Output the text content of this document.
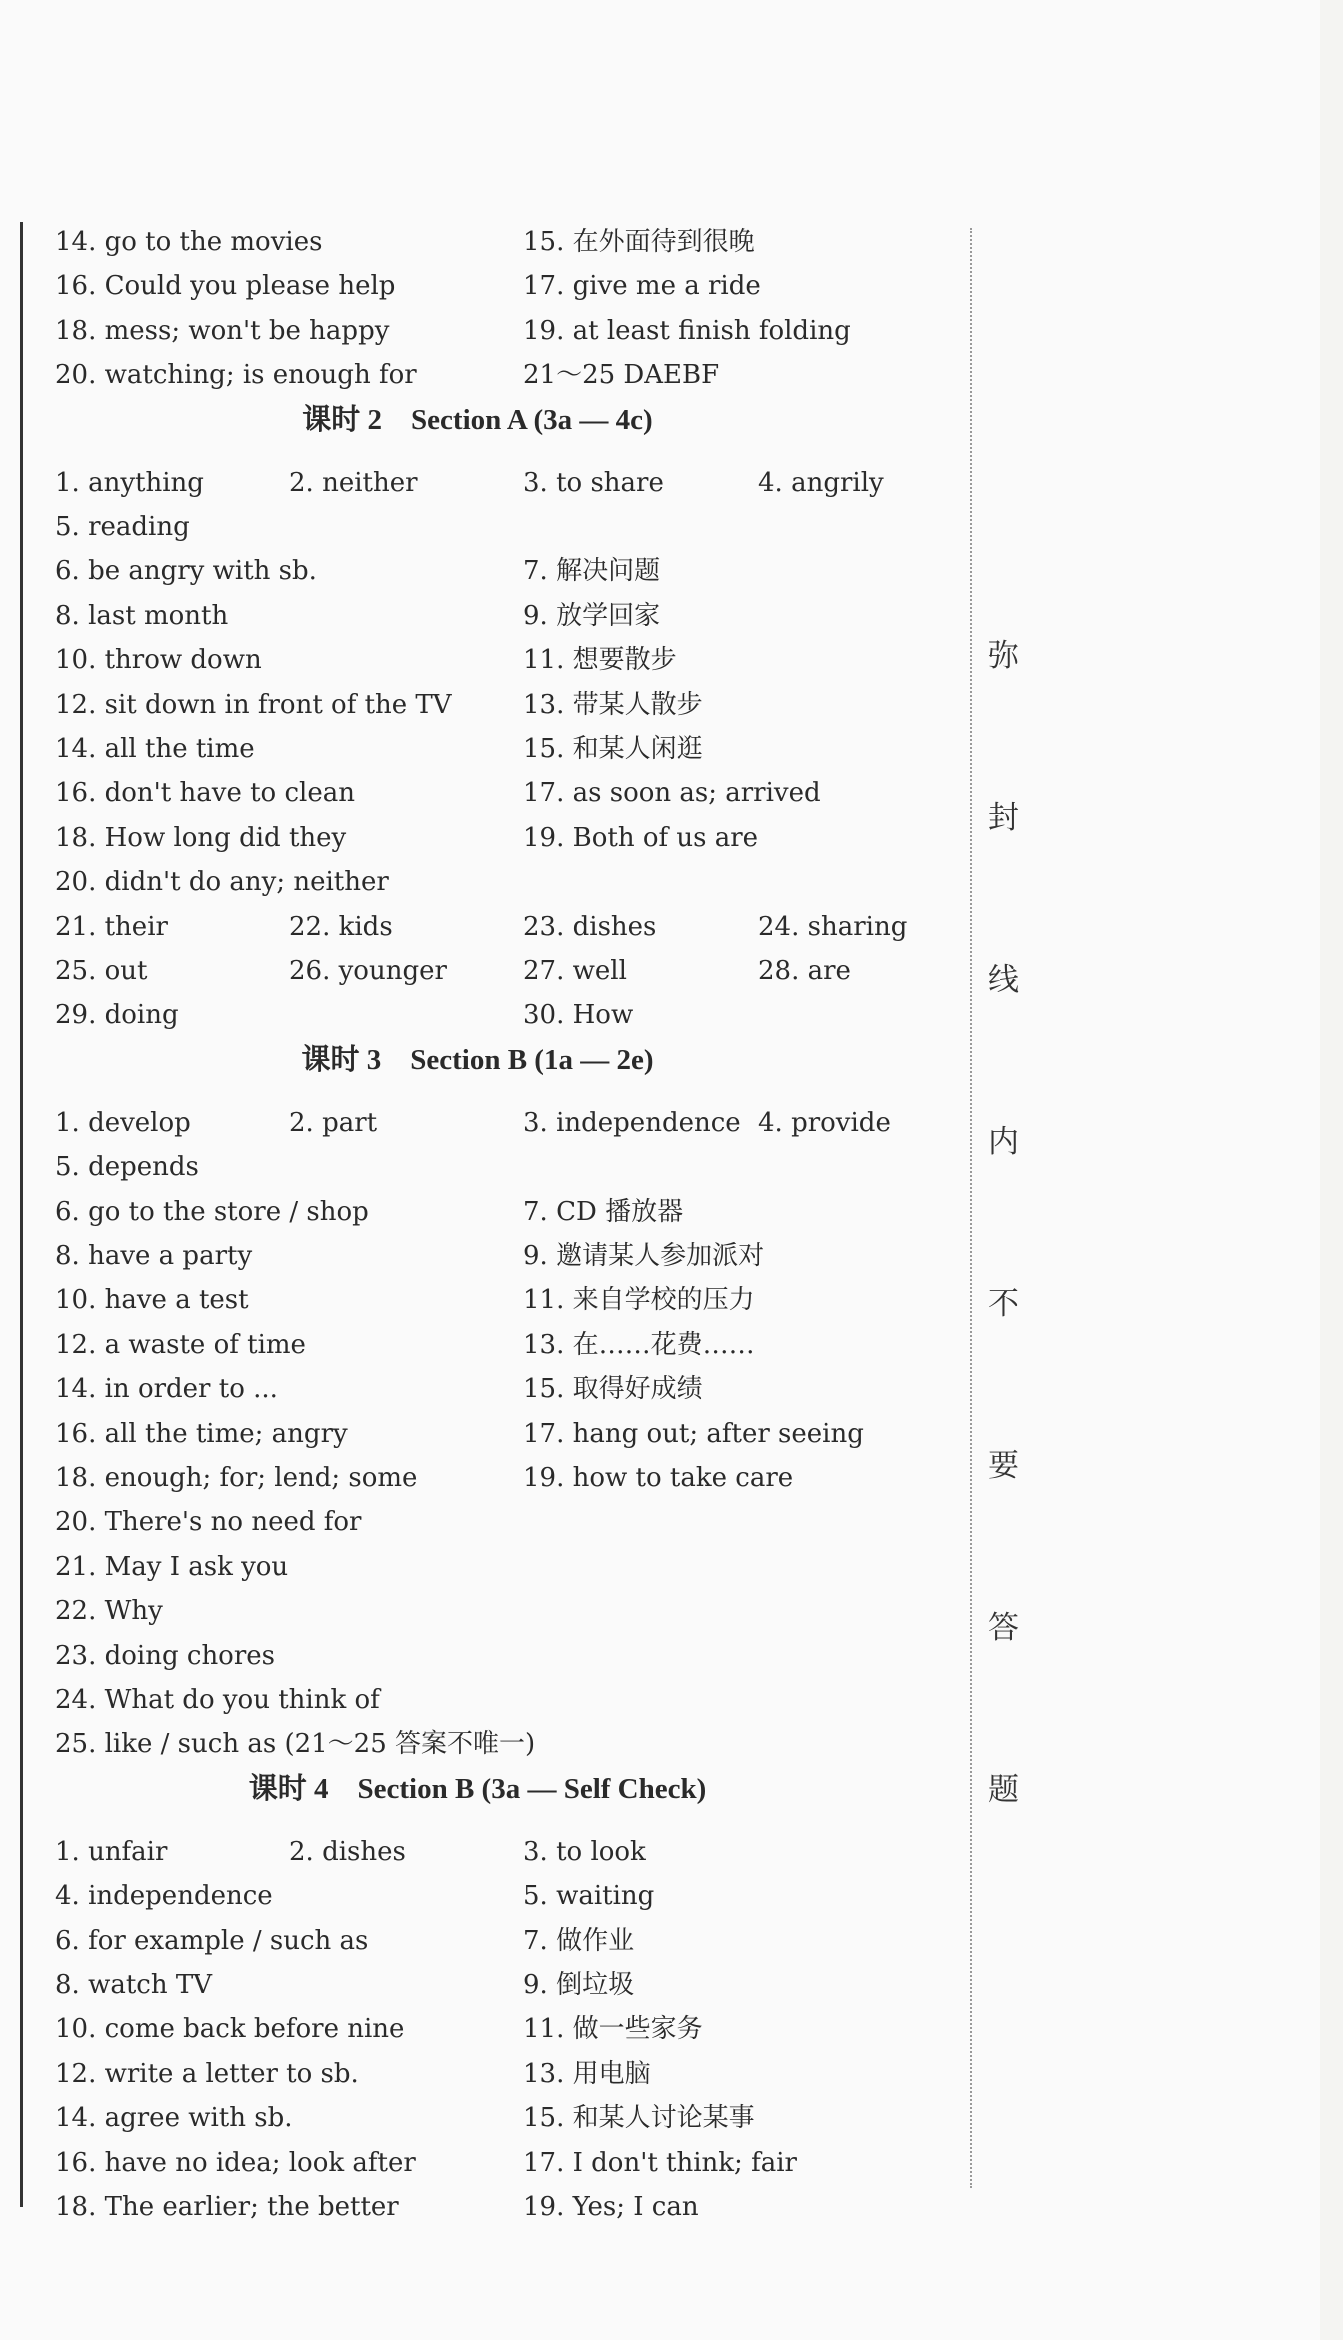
14. go to the movies	15. 在外面待到很晚
16. Could you please help	17. give me a ride
18. mess; won't be happy	19. at least finish folding
20. watching; is enough for	21～25 DAEBF
课时 2　Section A (3a — 4c)
1. anything	2. neither	3. to share	4. angrily
5. reading
6. be angry with sb.	7. 解决问题
8. last month	9. 放学回家
10. throw down	11. 想要散步
12. sit down in front of the TV	13. 带某人散步
14. all the time	15. 和某人闲逛
16. don't have to clean	17. as soon as; arrived
18. How long did they	19. Both of us are
20. didn't do any; neither
21. their	22. kids	23. dishes	24. sharing
25. out	26. younger	27. well	28. are
29. doing	30. How
课时 3　Section B (1a — 2e)
1. develop	2. part	3. independence 4. provide
5. depends
6. go to the store / shop	7. CD 播放器
8. have a party	9. 邀请某人参加派对
10. have a test	11. 来自学校的压力
12. a waste of time	13. 在……花费……
14. in order to ...	15. 取得好成绩
16. all the time; angry	17. hang out; after seeing
18. enough; for; lend; some	19. how to take care
20. There's no need for
21. May I ask you
22. Why
23. doing chores
24. What do you think of
25. like / such as (21～25 答案不唯一)
课时 4　Section B (3a — Self Check)
1. unfair	2. dishes	3. to look
4. independence	5. waiting
6. for example / such as	7. 做作业
8. watch TV	9. 倒垃圾
10. come back before nine	11. 做一些家务
12. write a letter to sb.	13. 用电脑
14. agree with sb.	15. 和某人讨论某事
16. have no idea; look after	17. I don't think; fair
18. The earlier; the better	19. Yes; I can
弥
封
线
内
不
要
答
题
